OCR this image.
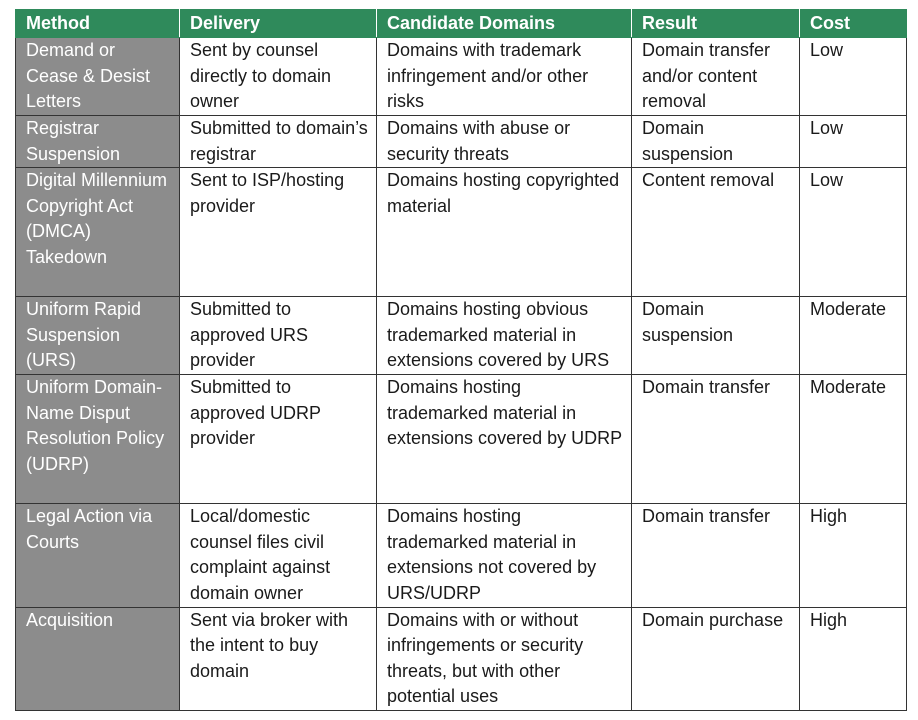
Method	Delivery	Candidate Domains	Result	Cost
Demand or Cease & Desist Letters	Sent by counsel directly to domain owner	Domains with trademark infringement and/or other risks	Domain transfer and/or content removal	Low
Registrar Suspension	Submitted to domain’s registrar	Domains with abuse or security threats	Domain suspension	Low
Digital Millennium Copyright Act (DMCA) Takedown	Sent to ISP/hosting provider	Domains hosting copyrighted material	Content removal	Low
Uniform Rapid Suspension (URS)	Submitted to approved URS provider	Domains hosting obvious trademarked material in extensions covered by URS	Domain suspension	Moderate
Uniform Domain-Name Disput Resolution Policy (UDRP)	Submitted to approved UDRP provider	Domains hosting trademarked material in extensions covered by UDRP	Domain transfer	Moderate
Legal Action via Courts	Local/domestic counsel files civil complaint against domain owner	Domains hosting trademarked material in extensions not covered by URS/UDRP	Domain transfer	High
Acquisition	Sent via broker with the intent to buy domain	Domains with or without infringements or security threats, but with other potential uses	Domain purchase	High
